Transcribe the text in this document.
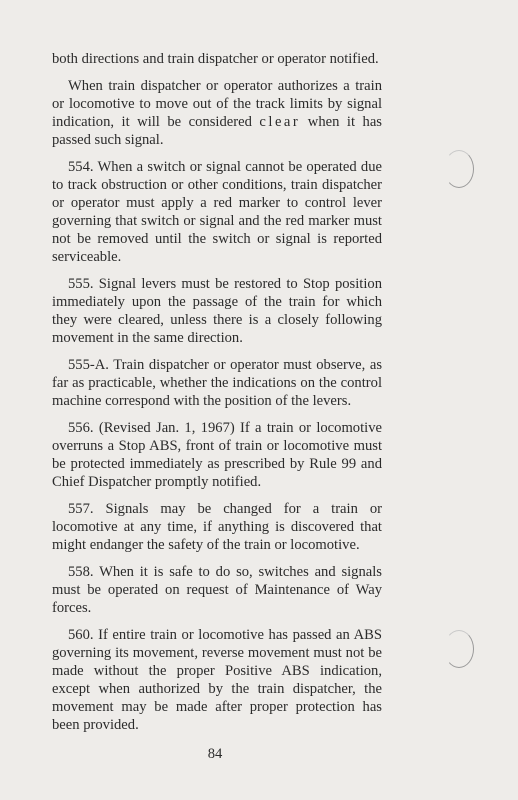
both directions and train dispatcher or operator notified.

When train dispatcher or operator authorizes a train or locomotive to move out of the track limits by signal indication, it will be considered clear when it has passed such signal.

554. When a switch or signal cannot be operated due to track obstruction or other conditions, train dispatcher or operator must apply a red marker to control lever governing that switch or signal and the red marker must not be removed until the switch or signal is reported serviceable.

555. Signal levers must be restored to Stop position immediately upon the passage of the train for which they were cleared, unless there is a closely following movement in the same direction.

555-A. Train dispatcher or operator must observe, as far as practicable, whether the indications on the control machine correspond with the position of the levers.

556. (Revised Jan. 1, 1967) If a train or locomotive overruns a Stop ABS, front of train or locomotive must be protected immediately as prescribed by Rule 99 and Chief Dispatcher promptly notified.

557. Signals may be changed for a train or locomotive at any time, if anything is discovered that might endanger the safety of the train or locomotive.

558. When it is safe to do so, switches and signals must be operated on request of Maintenance of Way forces.

560. If entire train or locomotive has passed an ABS governing its movement, reverse movement must not be made without the proper Positive ABS indication, except when authorized by the train dispatcher, the movement may be made after proper protection has been provided.

84
